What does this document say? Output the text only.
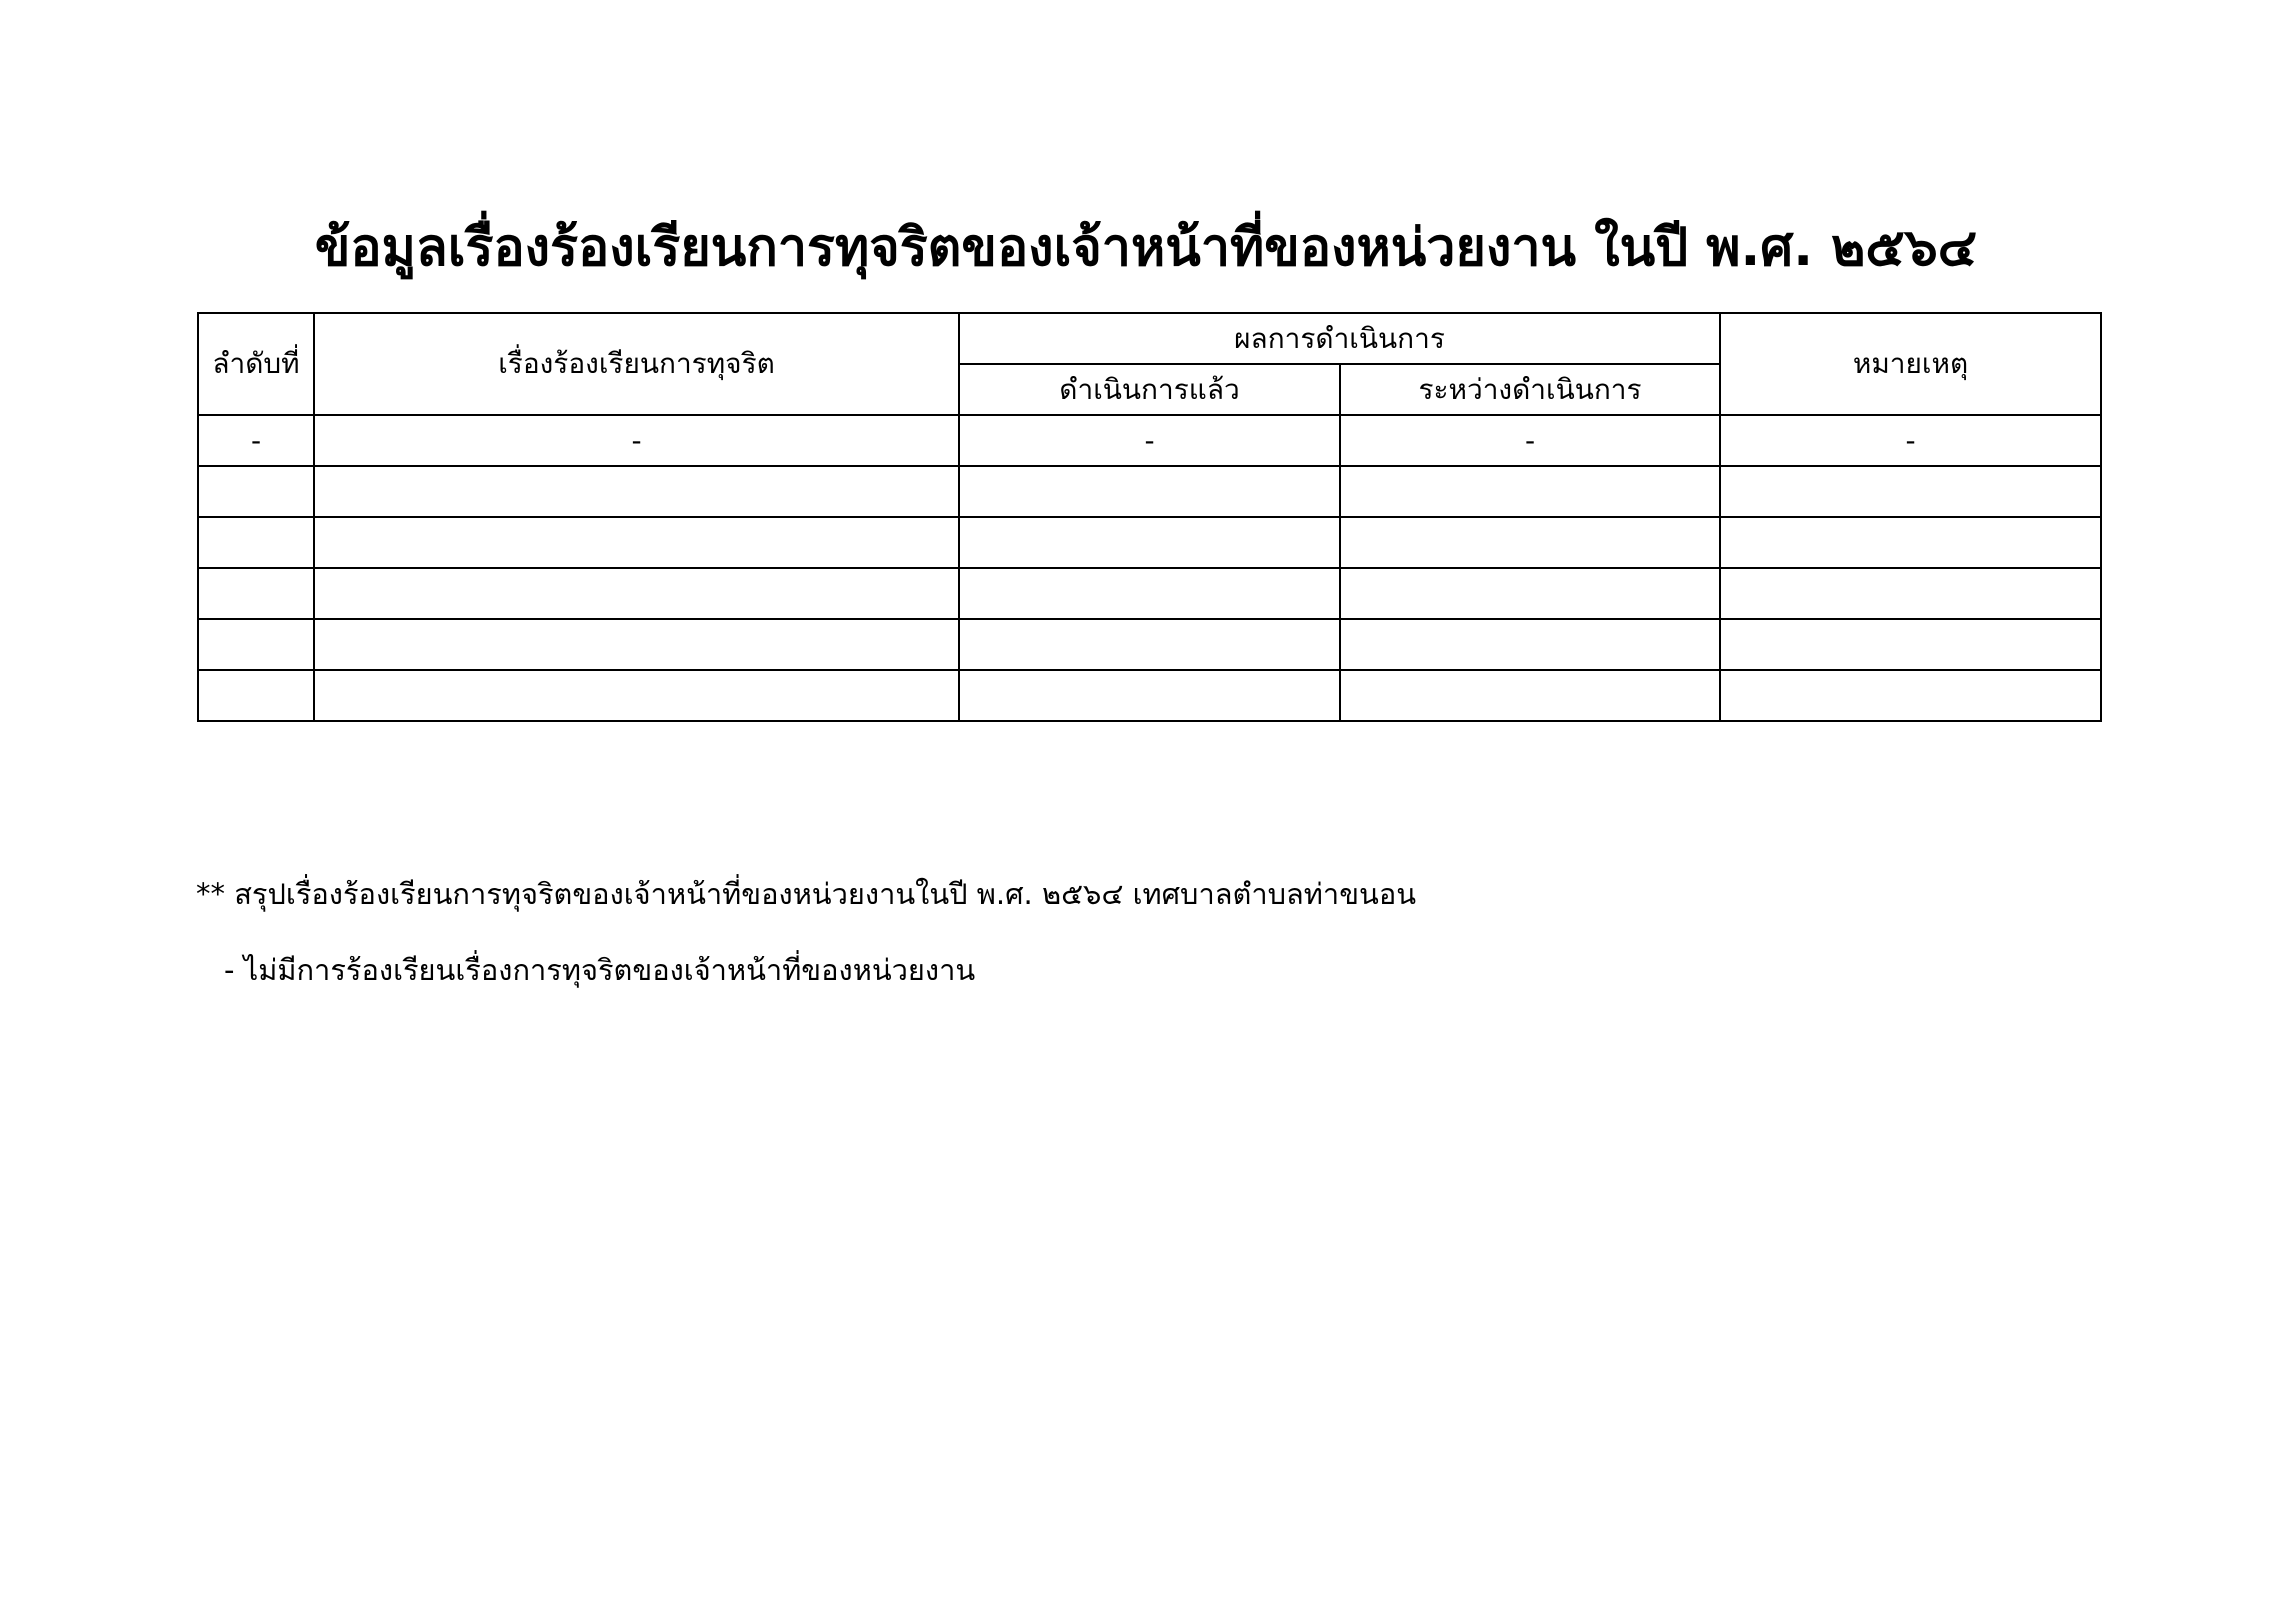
ข้อมูลเรื่องร้องเรียนการทุจริตของเจ้าหน้าที่ของหน่วยงาน ในปี พ.ศ. ๒๕๖๔
ลำดับที่	เรื่องร้องเรียนการทุจริต	ผลการดำเนินการ		หมายเหตุ
		ดำเนินการแล้ว	ระหว่างดำเนินการ	
-	-	-	-	-

** สรุปเรื่องร้องเรียนการทุจริตของเจ้าหน้าที่ของหน่วยงานในปี พ.ศ. ๒๕๖๔ เทศบาลตำบลท่าขนอน
- ไม่มีการร้องเรียนเรื่องการทุจริตของเจ้าหน้าที่ของหน่วยงาน
